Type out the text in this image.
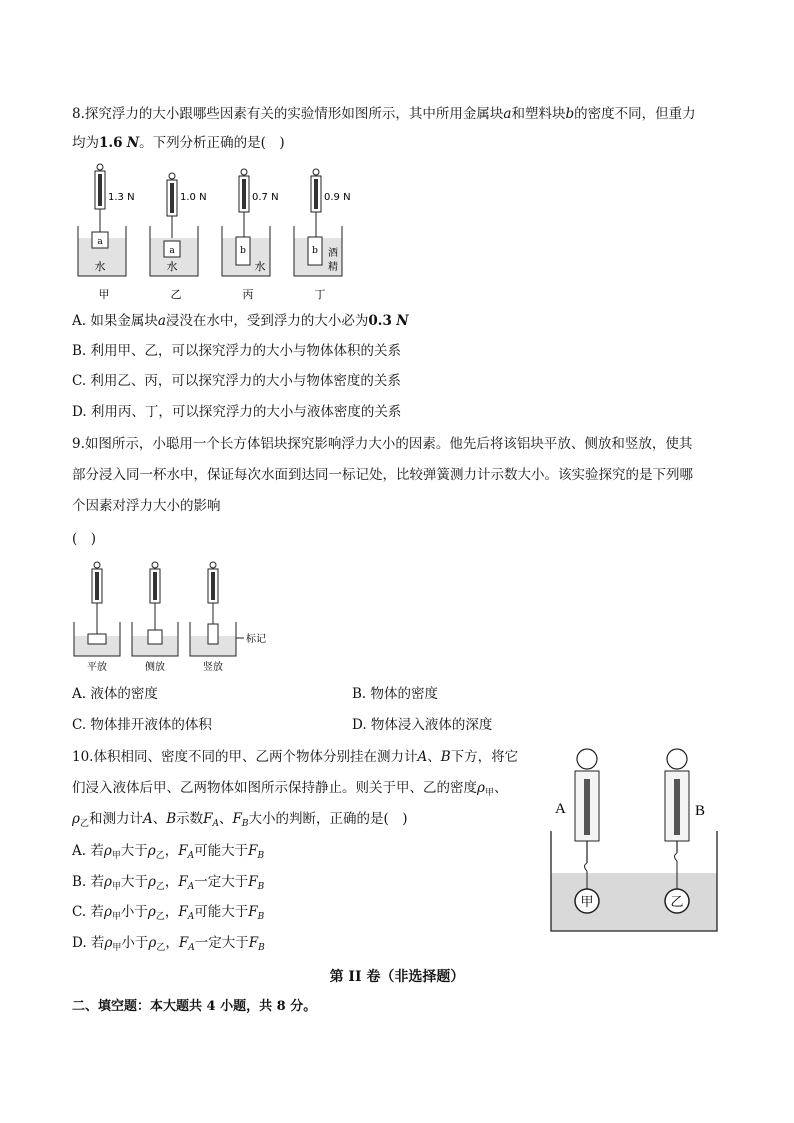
8.探究浮力的大小跟哪些因素有关的实验情形如图所示，其中所用金属块a和塑料块b的密度不同，但重力
均为1.6 N。下列分析正确的是(　)
1.3 N
a
水
甲
1.0 N
a
水
乙
0.7 N
b
水
丙
0.9 N
b 酒
精
丁
A. 如果金属块a浸没在水中，受到浮力的大小必为0.3 N
B. 利用甲、乙，可以探究浮力的大小与物体体积的关系
C. 利用乙、丙，可以探究浮力的大小与物体密度的关系
D. 利用丙、丁，可以探究浮力的大小与液体密度的关系
9.如图所示，小聪用一个长方体铝块探究影响浮力大小的因素。他先后将该铝块平放、侧放和竖放，使其
部分浸入同一杯水中，保证每次水面到达同一标记处，比较弹簧测力计示数大小。该实验探究的是下列哪
个因素对浮力大小的影响
(　)
平放	侧放	竖放
标记
A. 液体的密度	B. 物体的密度
C. 物体排开液体的体积	D. 物体浸入液体的深度
10.体积相同、密度不同的甲、乙两个物体分别挂在测力计A、B下方，将它
们浸入液体后甲、乙两物体如图所示保持静止。则关于甲、乙的密度$\rho_甲$、
$\rho_乙$和测力计A、B示数$F_A$、$F_B$大小的判断，正确的是(　)
A. 若$\rho_甲$大于$\rho_乙$，$F_A$可能大于$F_B$
B. 若$\rho_甲$大于$\rho_乙$，$F_A$一定大于$F_B$
C. 若$\rho_甲$小于$\rho_乙$，$F_A$可能大于$F_B$
D. 若$\rho_甲$小于$\rho_乙$，$F_A$一定大于$F_B$
A	B
甲	乙
第 II 卷（非选择题）
二、填空题：本大题共 4 小题，共 8 分。
